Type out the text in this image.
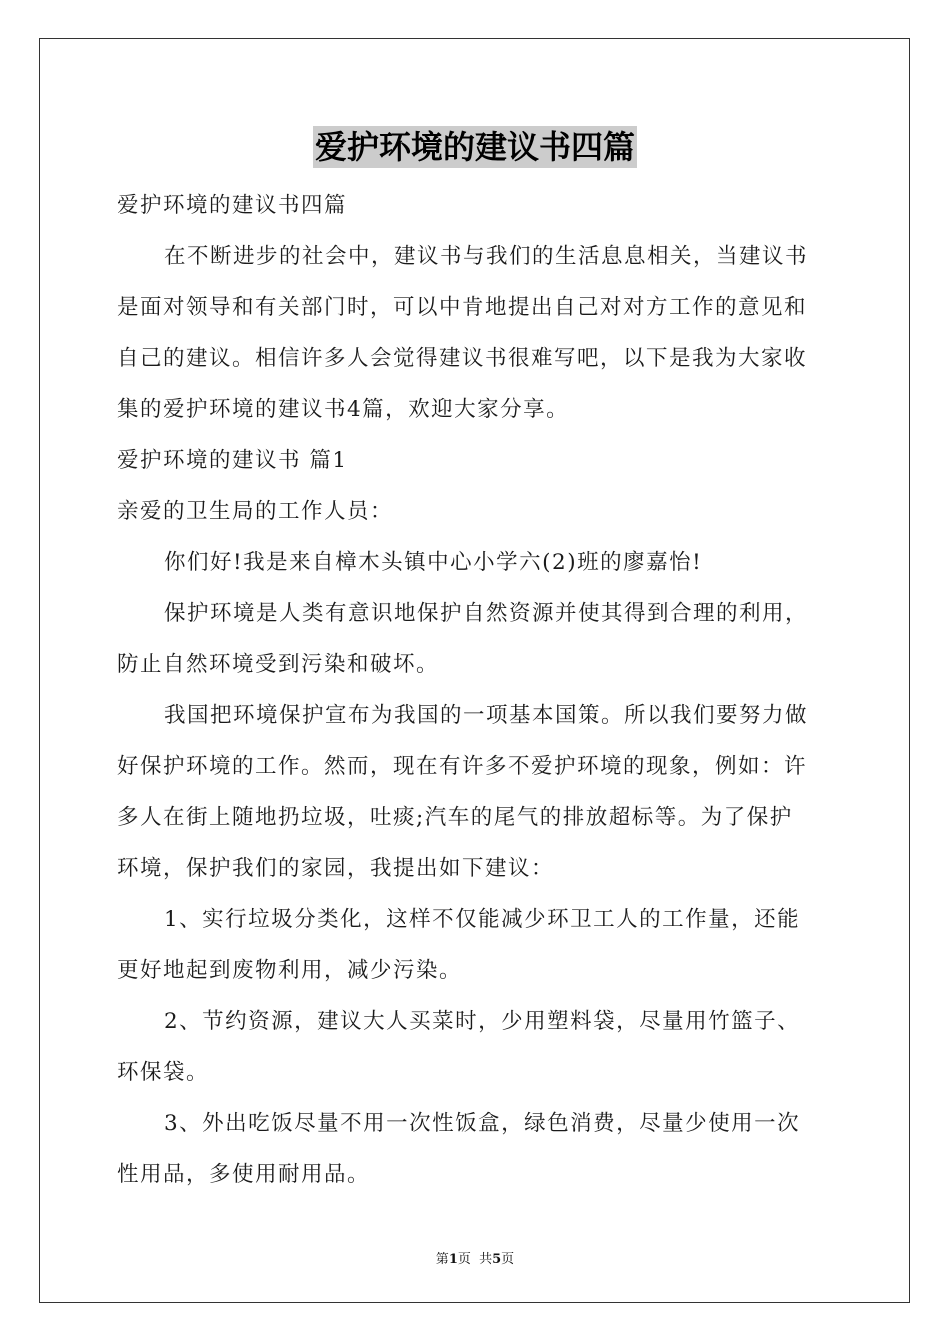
爱护环境的建议书四篇
爱护环境的建议书四篇
在不断进步的社会中，建议书与我们的生活息息相关，当建议书
是面对领导和有关部门时，可以中肯地提出自己对对方工作的意见和
自己的建议。相信许多人会觉得建议书很难写吧，以下是我为大家收
集的爱护环境的建议书4篇，欢迎大家分享。
爱护环境的建议书 篇1
亲爱的卫生局的工作人员：
你们好!我是来自樟木头镇中心小学六(2)班的廖嘉怡!
保护环境是人类有意识地保护自然资源并使其得到合理的利用，
防止自然环境受到污染和破坏。
我国把环境保护宣布为我国的一项基本国策。所以我们要努力做
好保护环境的工作。然而，现在有许多不爱护环境的现象，例如：许
多人在街上随地扔垃圾，吐痰;汽车的尾气的排放超标等。为了保护
环境，保护我们的家园，我提出如下建议：
1、实行垃圾分类化，这样不仅能减少环卫工人的工作量，还能
更好地起到废物利用，减少污染。
2、节约资源，建议大人买菜时，少用塑料袋，尽量用竹篮子、
环保袋。
3、外出吃饭尽量不用一次性饭盒，绿色消费，尽量少使用一次
性用品，多使用耐用品。
第1页  共5页
